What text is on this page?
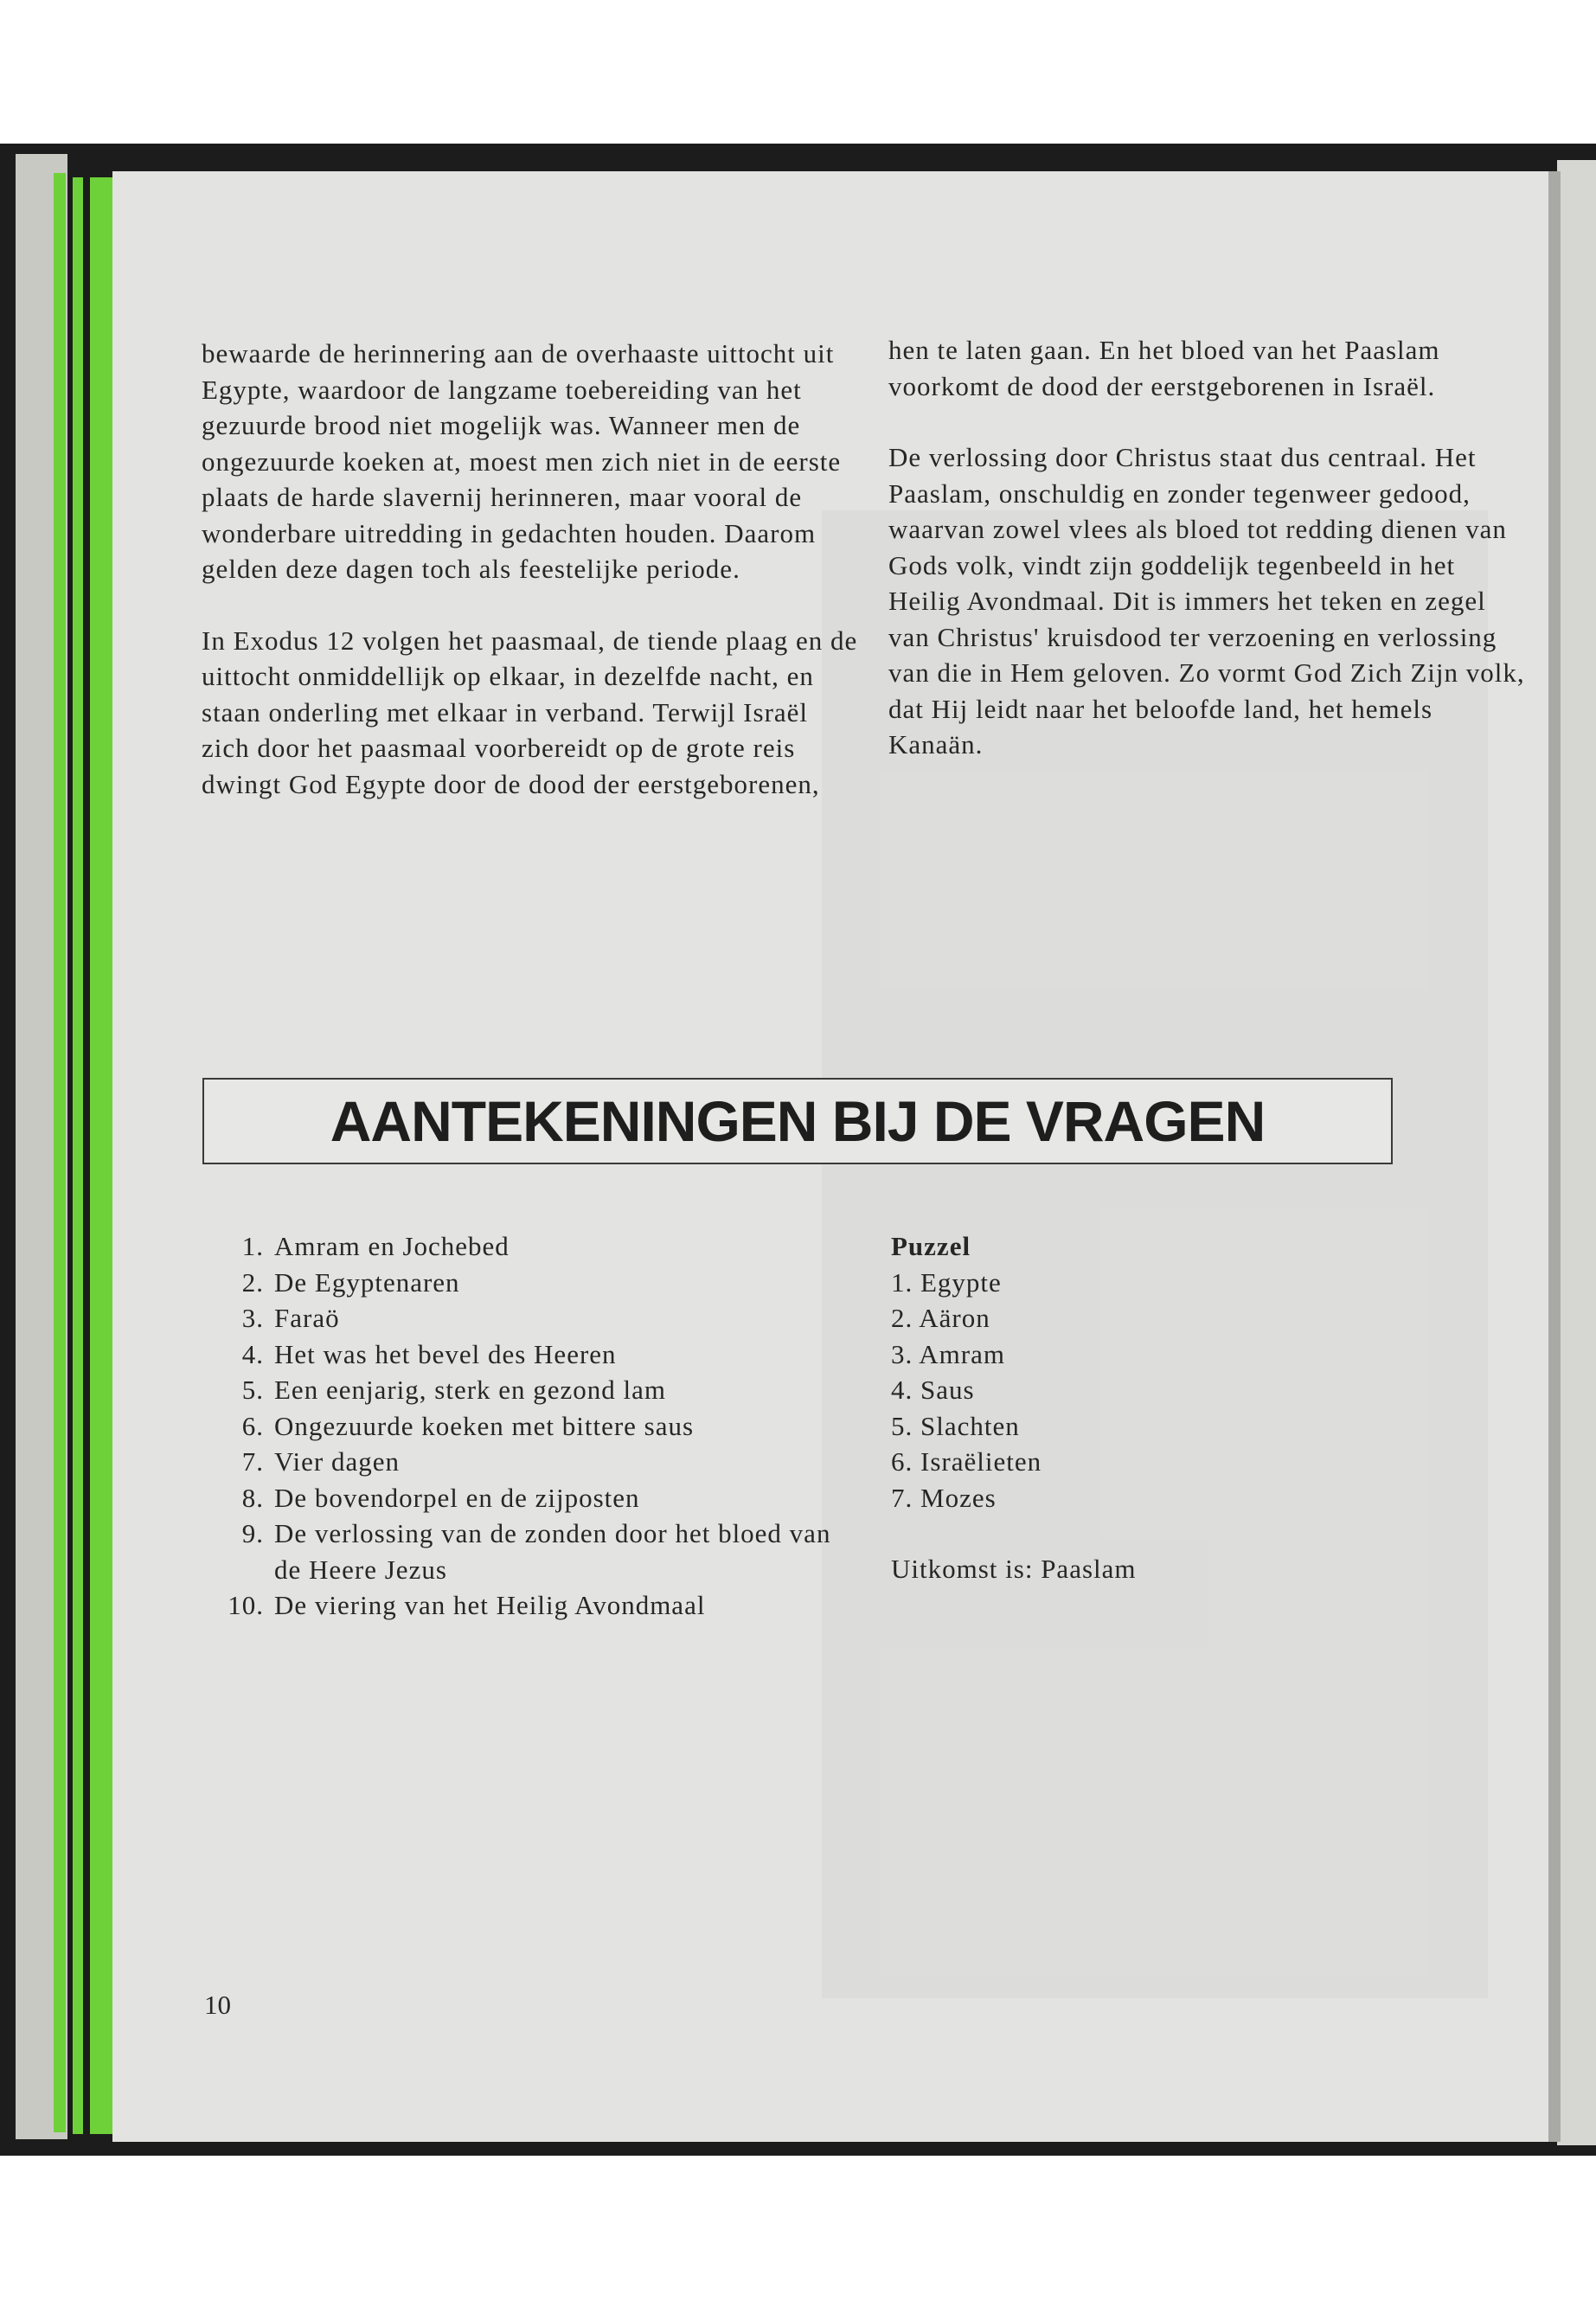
bewaarde de herinnering aan de overhaaste uittocht uit Egypte, waardoor de langzame toebereiding van het gezuurde brood niet mogelijk was. Wanneer men de ongezuurde koeken at, moest men zich niet in de eerste plaats de harde slavernij herinneren, maar vooral de wonderbare uitredding in gedachten houden. Daarom gelden deze dagen toch als feestelijke periode.

In Exodus 12 volgen het paasmaal, de tiende plaag en de uittocht onmiddellijk op elkaar, in dezelfde nacht, en staan onderling met elkaar in verband. Terwijl Israël zich door het paasmaal voorbereidt op de grote reis dwingt God Egypte door de dood der eerstgeborenen,

hen te laten gaan. En het bloed van het Paaslam voorkomt de dood der eerstgeborenen in Israël.

De verlossing door Christus staat dus centraal. Het Paaslam, onschuldig en zonder tegenweer gedood, waarvan zowel vlees als bloed tot redding dienen van Gods volk, vindt zijn goddelijk tegenbeeld in het Heilig Avondmaal. Dit is immers het teken en zegel van Christus' kruisdood ter verzoening en verlossing van die in Hem geloven. Zo vormt God Zich Zijn volk, dat Hij leidt naar het beloofde land, het hemels Kanaän.

AANTEKENINGEN BIJ DE VRAGEN
1. Amram en Jochebed
2. De Egyptenaren
3. Faraö
4. Het was het bevel des Heeren
5. Een eenjarig, sterk en gezond lam
6. Ongezuurde koeken met bittere saus
7. Vier dagen
8. De bovendorpel en de zijposten
9. De verlossing van de zonden door het bloed van de Heere Jezus
10. De viering van het Heilig Avondmaal
Puzzel
1. Egypte
2. Aäron
3. Amram
4. Saus
5. Slachten
6. Israëlieten
7. Mozes
Uitkomst is: Paaslam
10
